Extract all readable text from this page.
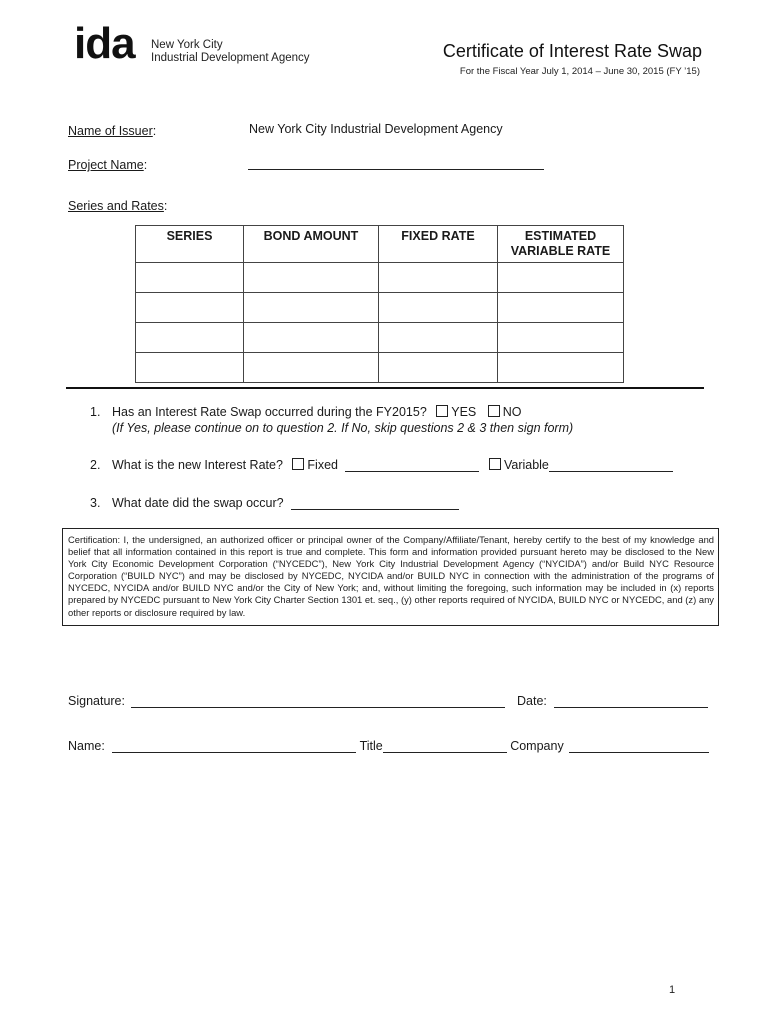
ida New York City
Industrial Development Agency	Certificate of Interest Rate Swap
For the Fiscal Year July 1, 2014 – June 30, 2015 (FY ’15)
Name of Issuer:	New York City Industrial Development Agency
Project Name:
Series and Rates:
SERIES	BOND AMOUNT	FIXED RATE	ESTIMATED
VARIABLE RATE

1. Has an Interest Rate Swap occurred during the FY2015? YES NO
(If Yes, please continue on to question 2. If No, skip questions 2 & 3 then sign form)
2. What is the new Interest Rate? Fixed	Variable
3. What date did the swap occur?
Certification: I, the undersigned, an authorized officer or principal owner of the Company/Affiliate/Tenant, hereby certify to the best of my knowledge and belief that all information contained in this report is true and complete. This form and information provided pursuant hereto may be disclosed to the New York City Economic Development Corporation (“NYCEDC”), New York City Industrial Development Agency (“NYCIDA”) and/or Build NYC Resource Corporation (“BUILD NYC”) and may be disclosed by NYCEDC, NYCIDA and/or BUILD NYC in connection with the administration of the programs of NYCEDC, NYCIDA and/or BUILD NYC and/or the City of New York; and, without limiting the foregoing, such information may be included in (x) reports prepared by NYCEDC pursuant to New York City Charter Section 1301 et. seq., (y) other reports required of NYCIDA, BUILD NYC or NYCEDC, and (z) any other reports or disclosure required by law.
Signature:	Date:
Name:	Title	Company
1
